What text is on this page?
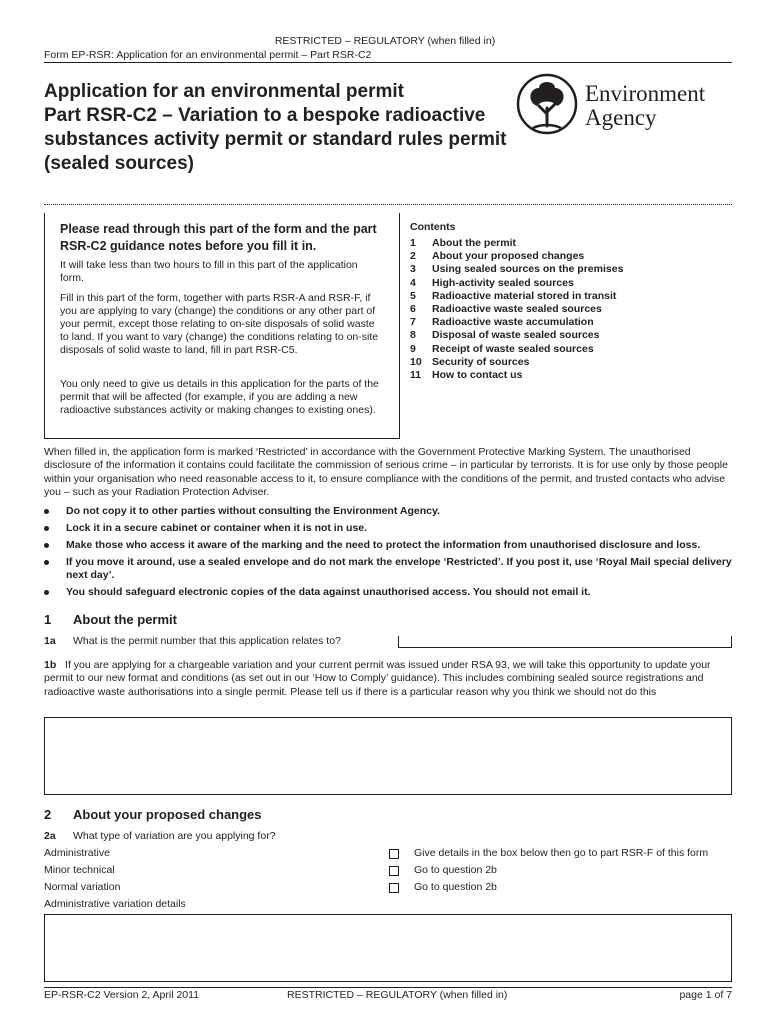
RESTRICTED – REGULATORY (when filled in)
Form EP-RSR: Application for an environmental permit – Part RSR-C2
Application for an environmental permit
Part RSR-C2 – Variation to a bespoke radioactive
substances activity permit or standard rules permit
(sealed sources)
Environment
Agency
Please read through this part of the form and the part RSR-C2 guidance notes before you fill it in.
It will take less than two hours to fill in this part of the application form.
Fill in this part of the form, together with parts RSR-A and RSR-F, if you are applying to vary (change) the conditions or any other part of your permit, except those relating to on-site disposals of solid waste to land. If you want to vary (change) the conditions relating to on-site disposals of solid waste to land, fill in part RSR-C5.
You only need to give us details in this application for the parts of the permit that will be affected (for example, if you are adding a new radioactive substances activity or making changes to existing ones).
Contents
1 About the permit
2 About your proposed changes
3 Using sealed sources on the premises
4 High-activity sealed sources
5 Radioactive material stored in transit
6 Radioactive waste sealed sources
7 Radioactive waste accumulation
8 Disposal of waste sealed sources
9 Receipt of waste sealed sources
10 Security of sources
11 How to contact us
When filled in, the application form is marked ‘Restricted’ in accordance with the Government Protective Marking System. The unauthorised disclosure of the information it contains could facilitate the commission of serious crime – in particular by terrorists. It is for use only by those people within your organisation who need reasonable access to it, to ensure compliance with the conditions of the permit, and trusted contacts who advise you – such as your Radiation Protection Adviser.
Do not copy it to other parties without consulting the Environment Agency.
Lock it in a secure cabinet or container when it is not in use.
Make those who access it aware of the marking and the need to protect the information from unauthorised disclosure and loss.
If you move it around, use a sealed envelope and do not mark the envelope ‘Restricted’. If you post it, use ‘Royal Mail special delivery next day’.
You should safeguard electronic copies of the data against unauthorised access. You should not email it.
1 About the permit
1a What is the permit number that this application relates to?
1b If you are applying for a chargeable variation and your current permit was issued under RSA 93, we will take this opportunity to update your permit to our new format and conditions (as set out in our ‘How to Comply’ guidance). This includes combining sealed source registrations and radioactive waste authorisations into a single permit. Please tell us if there is a particular reason why you think we should not do this
2 About your proposed changes
2a What type of variation are you applying for?
Administrative	Give details in the box below then go to part RSR-F of this form
Minor technical	Go to question 2b
Normal variation	Go to question 2b
Administrative variation details
EP-RSR-C2 Version 2, April 2011	RESTRICTED – REGULATORY (when filled in)	page 1 of 7
